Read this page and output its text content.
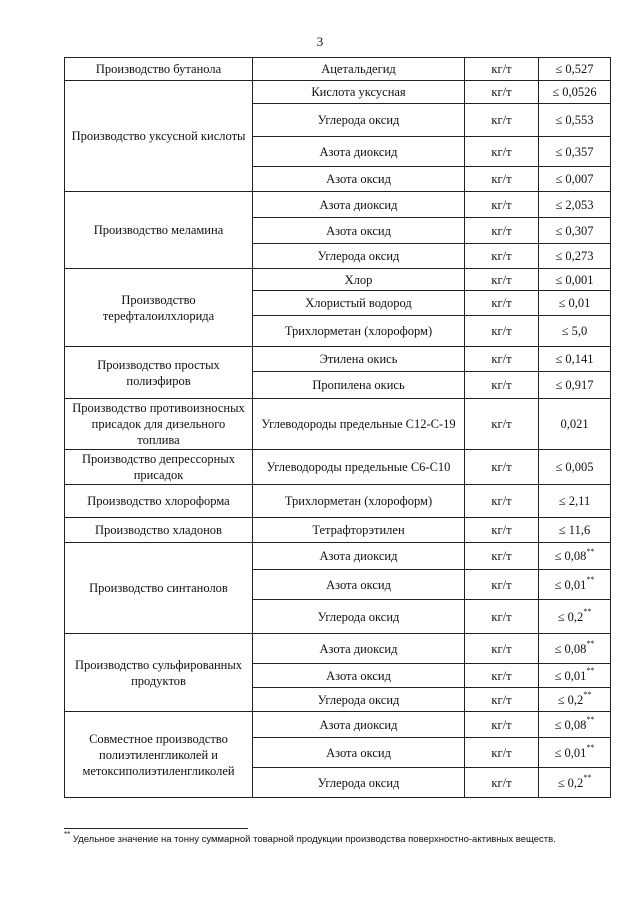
3
Производство бутанола	Ацетальдегид	кг/т	≤ 0,527
Производство уксусной кислоты	Кислота уксусная	кг/т	≤ 0,0526
	Углерода оксид	кг/т	≤ 0,553
	Азота диоксид	кг/т	≤ 0,357
	Азота оксид	кг/т	≤ 0,007
Производство меламина	Азота диоксид	кг/т	≤ 2,053
	Азота оксид	кг/т	≤ 0,307
	Углерода оксид	кг/т	≤ 0,273
Производство терефталоилхлорида	Хлор	кг/т	≤ 0,001
	Хлористый водород	кг/т	≤ 0,01
	Трихлорметан (хлороформ)	кг/т	≤ 5,0
Производство простых полиэфиров	Этилена окись	кг/т	≤ 0,141
	Пропилена окись	кг/т	≤ 0,917
Производство противоизносных присадок для дизельного топлива	Углеводороды предельные С12-С-19	кг/т	0,021
Производство депрессорных присадок	Углеводороды предельные С6-С10	кг/т	≤ 0,005
Производство хлороформа	Трихлорметан (хлороформ)	кг/т	≤ 2,11
Производство хладонов	Тетрафторэтилен	кг/т	≤ 11,6
Производство синтанолов	Азота диоксид	кг/т	≤ 0,08**
	Азота оксид	кг/т	≤ 0,01**
	Углерода оксид	кг/т	≤ 0,2**
Производство сульфированных продуктов	Азота диоксид	кг/т	≤ 0,08**
	Азота оксид	кг/т	≤ 0,01**
	Углерода оксид	кг/т	≤ 0,2**
Совместное производство полиэтиленгликолей и метоксиполиэтиленгликолей	Азота диоксид	кг/т	≤ 0,08**
	Азота оксид	кг/т	≤ 0,01**
	Углерода оксид	кг/т	≤ 0,2**
** Удельное значение на тонну суммарной товарной продукции производства поверхностно-активных веществ.
